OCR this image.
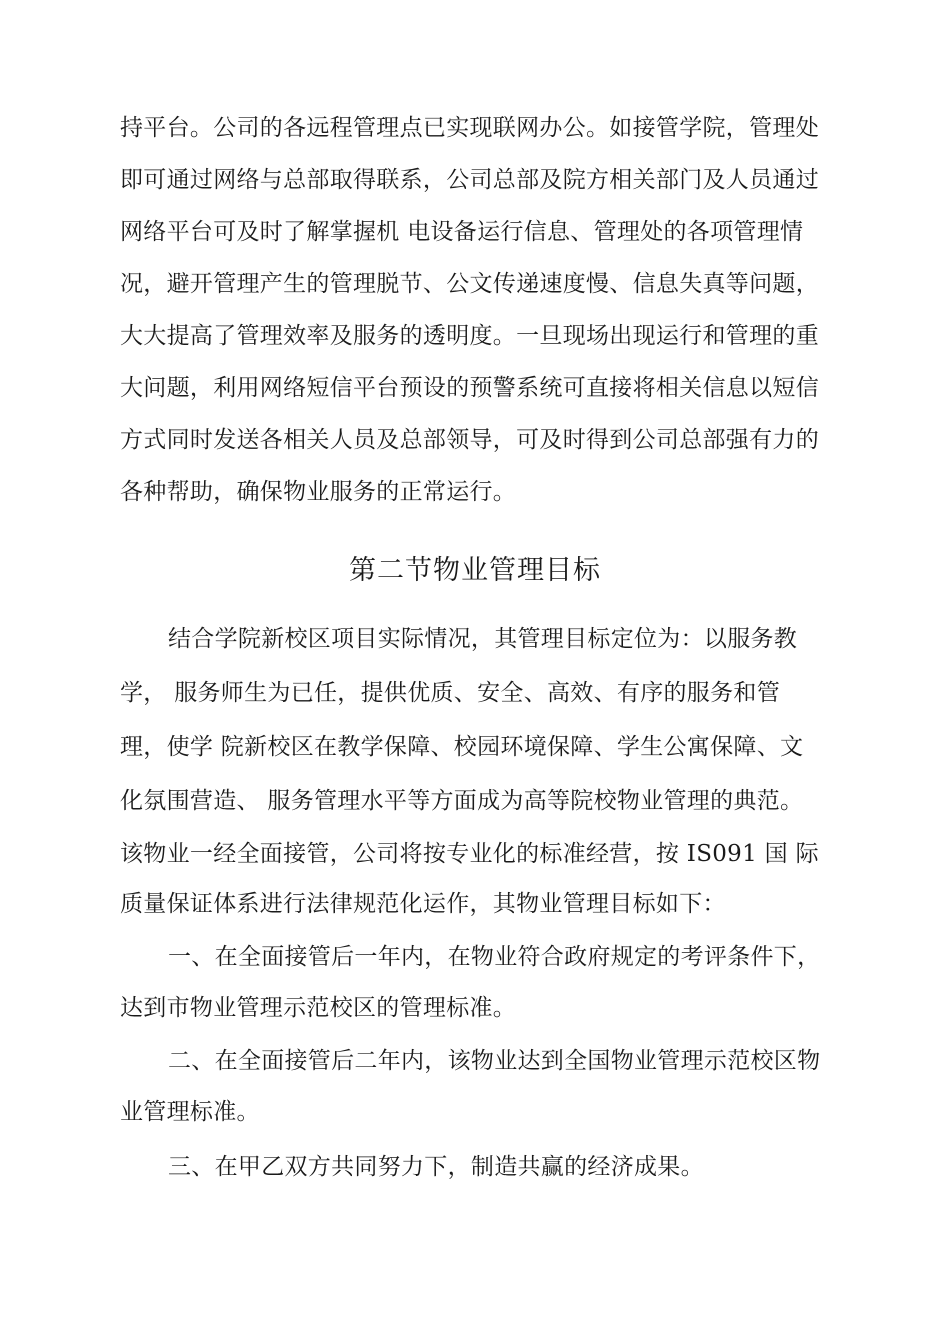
持平台。公司的各远程管理点已实现联网办公。如接管学院，管理处
即可通过网络与总部取得联系，公司总部及院方相关部门及人员通过
网络平台可及时了解掌握机 电设备运行信息、管理处的各项管理情
况，避开管理产生的管理脱节、公文传递速度慢、信息失真等问题，
大大提高了管理效率及服务的透明度。一旦现场出现运行和管理的重
大问题，利用网络短信平台预设的预警系统可直接将相关信息以短信
方式同时发送各相关人员及总部领导，可及时得到公司总部强有力的
各种帮助，确保物业服务的正常运行。
第二节物业管理目标
结合学院新校区项目实际情况，其管理目标定位为：以服务教
学， 服务师生为已任，提供优质、安全、高效、有序的服务和管
理，使学 院新校区在教学保障、校园环境保障、学生公寓保障、文
化氛围营造、 服务管理水平等方面成为高等院校物业管理的典范。
该物业一经全面接管，公司将按专业化的标准经营，按 IS091 国 际
质量保证体系进行法律规范化运作，其物业管理目标如下：
一、在全面接管后一年内，在物业符合政府规定的考评条件下，
达到市物业管理示范校区的管理标准。
二、在全面接管后二年内，该物业达到全国物业管理示范校区物
业管理标准。
三、在甲乙双方共同努力下，制造共赢的经济成果。
